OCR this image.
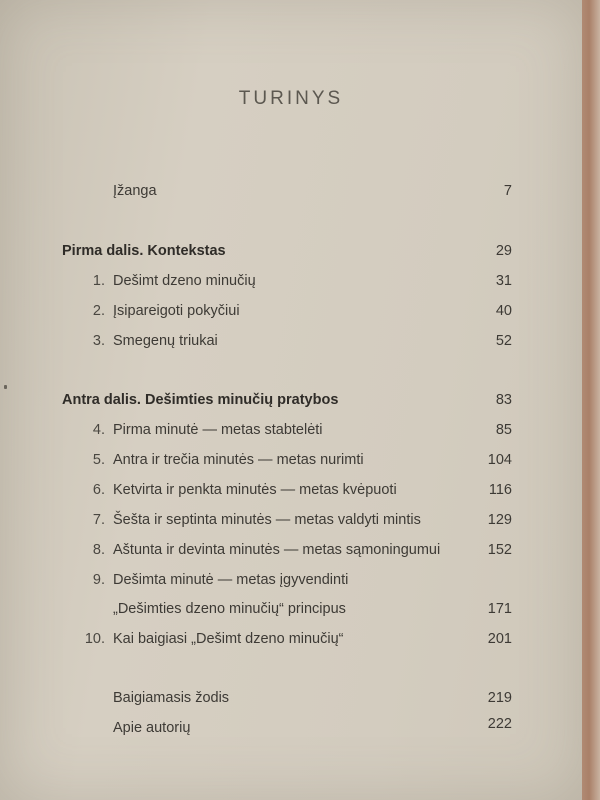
TURINYS
Įžanga	7
Pirma dalis. Kontekstas	29
1. Dešimt dzeno minučių	31
2. Įsipareigoti pokyčiui	40
3. Smegenų triukai	52
Antra dalis. Dešimties minučių pratybos	83
4. Pirma minutė — metas stabtelėti	85
5. Antra ir trečia minutės — metas nurimti	104
6. Ketvirta ir penkta minutės — metas kvėpuoti	116
7. Šešta ir septinta minutės — metas valdyti mintis	129
8. Aštunta ir devinta minutės — metas sąmoningumui	152
9. Dešimta minutė — metas įgyvendinti
„Dešimties dzeno minučių“ principus	171
10. Kai baigiasi „Dešimt dzeno minučių“	201
Baigiamasis žodis	219
Apie autorių	222
